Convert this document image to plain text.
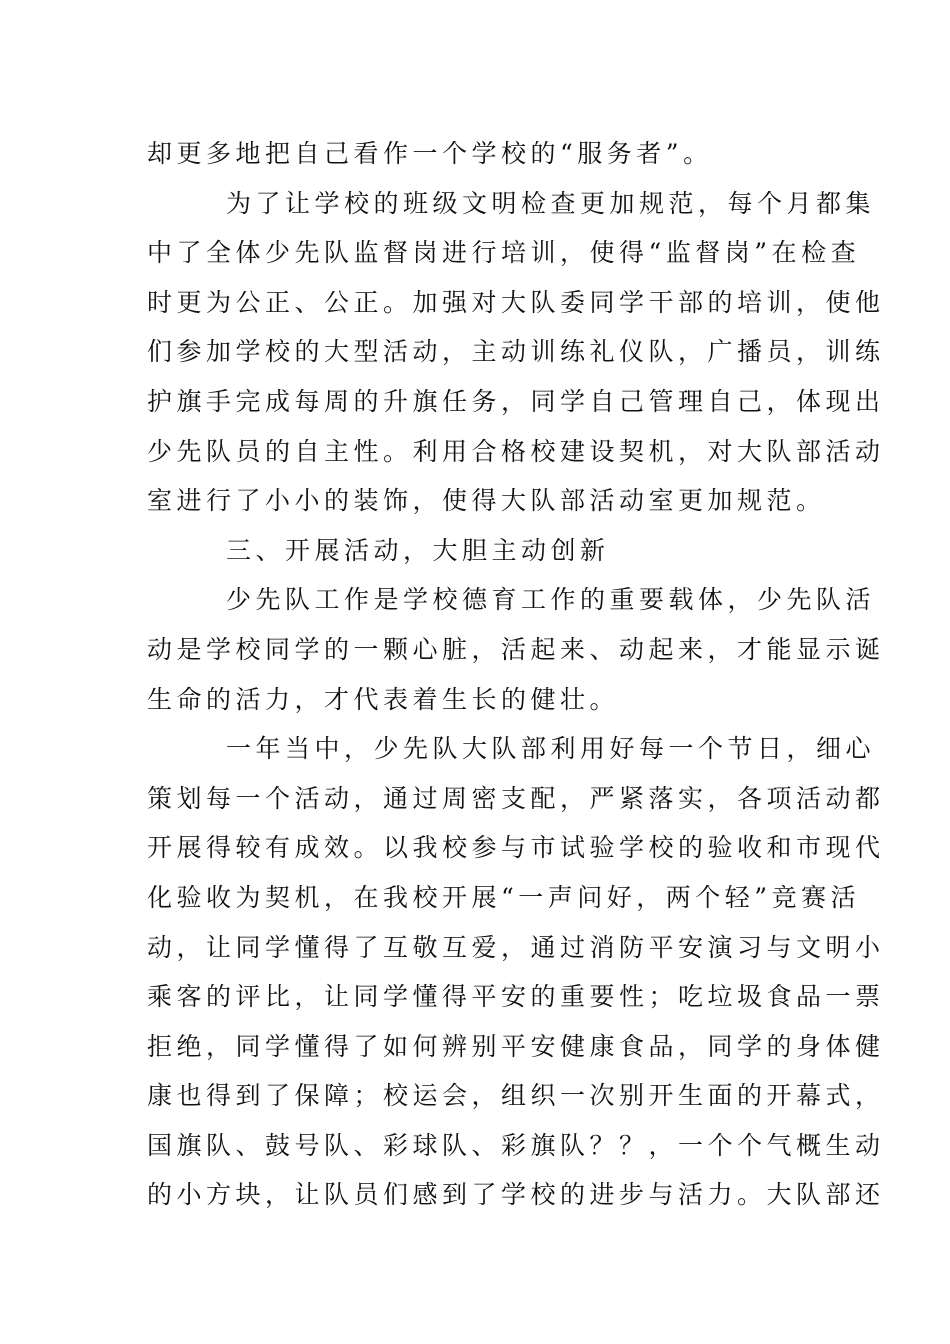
却更多地把自己看作一个学校的“服务者”。
为了让学校的班级文明检查更加规范，每个月都集
中了全体少先队监督岗进行培训，使得“监督岗”在检查
时更为公正、公正。加强对大队委同学干部的培训，使他
们参加学校的大型活动，主动训练礼仪队，广播员，训练
护旗手完成每周的升旗任务，同学自己管理自己，体现出
少先队员的自主性。利用合格校建设契机，对大队部活动
室进行了小小的装饰，使得大队部活动室更加规范。
三、开展活动，大胆主动创新
少先队工作是学校德育工作的重要载体，少先队活
动是学校同学的一颗心脏，活起来、动起来，才能显示诞
生命的活力，才代表着生长的健壮。
一年当中，少先队大队部利用好每一个节日，细心
策划每一个活动，通过周密支配，严紧落实，各项活动都
开展得较有成效。以我校参与市试验学校的验收和市现代
化验收为契机，在我校开展“一声问好，两个轻”竞赛活
动，让同学懂得了互敬互爱，通过消防平安演习与文明小
乘客的评比，让同学懂得平安的重要性；吃垃圾食品一票
拒绝，同学懂得了如何辨别平安健康食品，同学的身体健
康也得到了保障；校运会，组织一次别开生面的开幕式，
国旗队、鼓号队、彩球队、彩旗队？？，一个个气概生动
的小方块，让队员们感到了学校的进步与活力。大队部还
